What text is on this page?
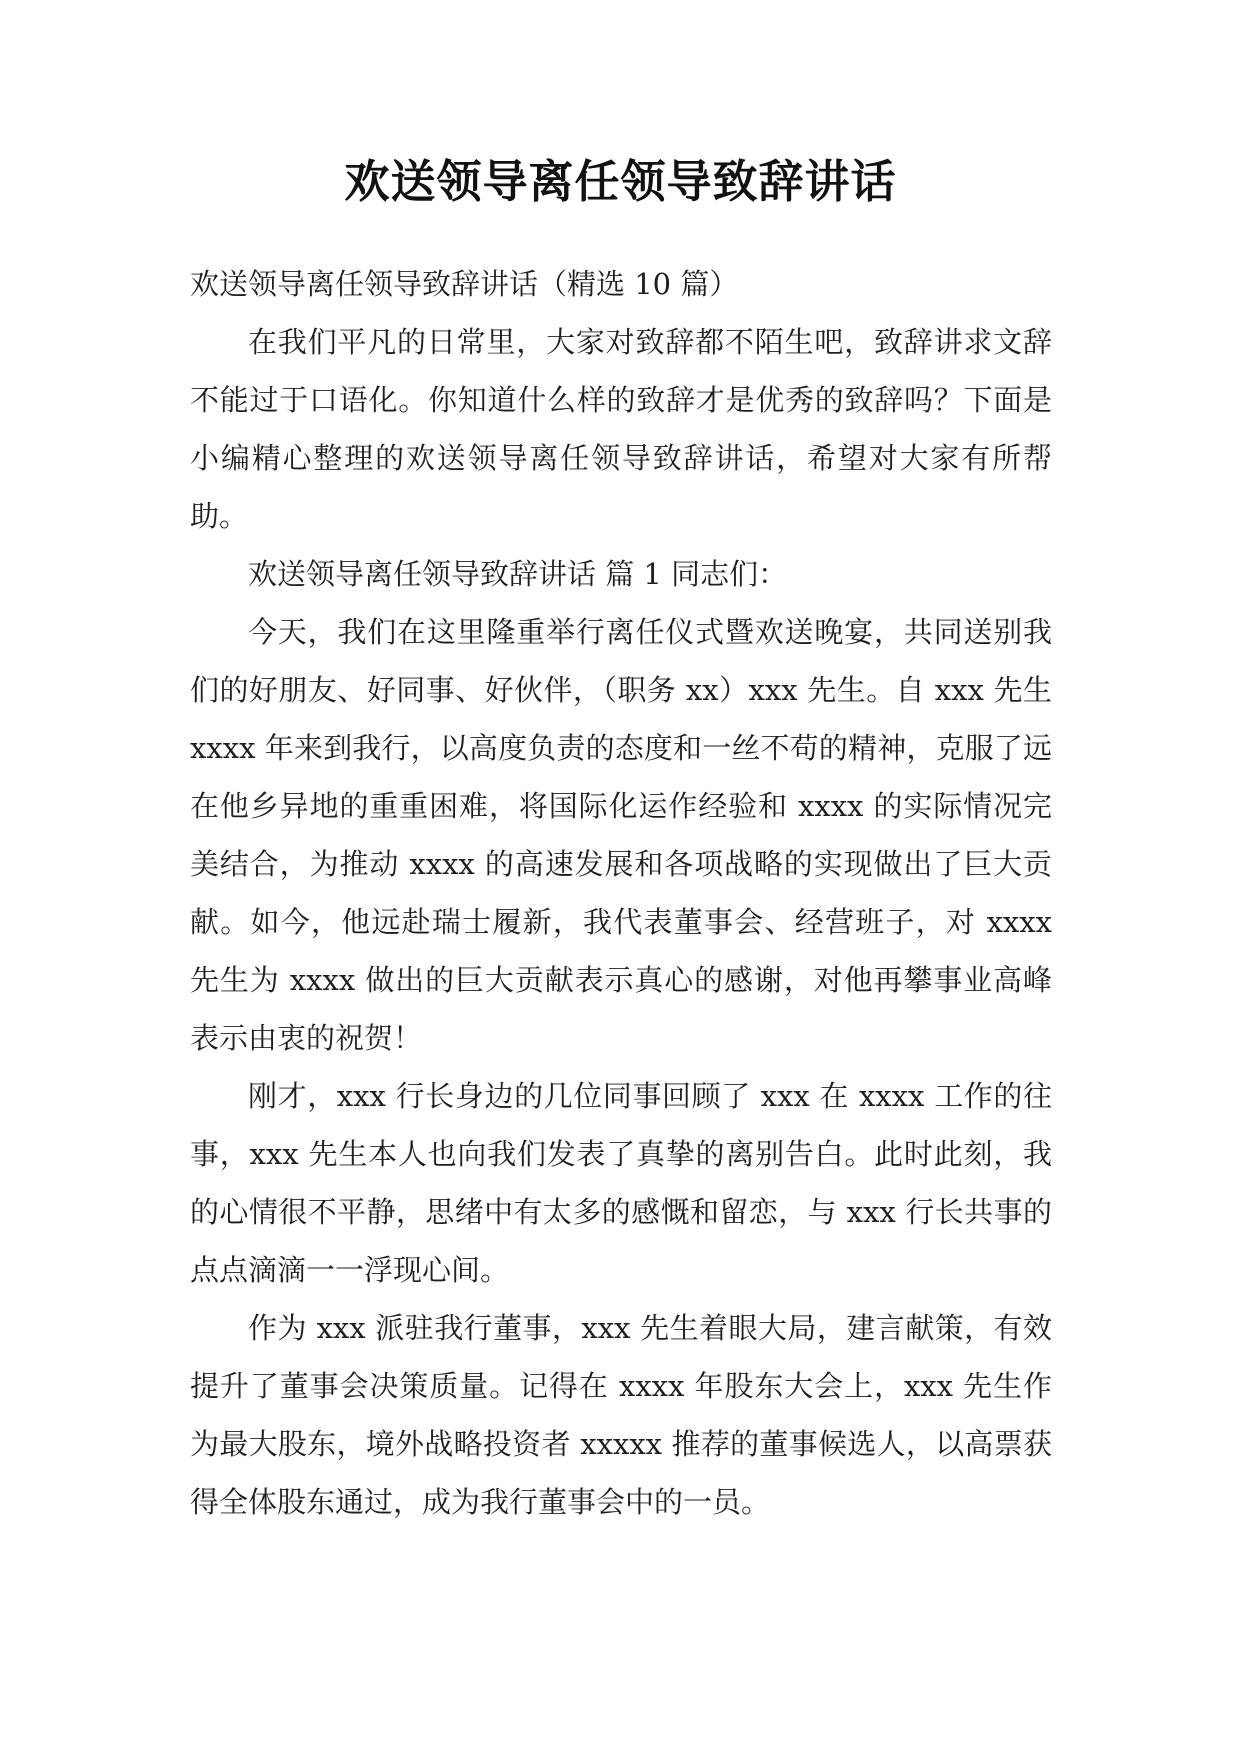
欢送领导离任领导致辞讲话

欢送领导离任领导致辞讲话（精选 10 篇）

在我们平凡的日常里，大家对致辞都不陌生吧，致辞讲求文辞不能过于口语化。你知道什么样的致辞才是优秀的致辞吗？下面是小编精心整理的欢送领导离任领导致辞讲话，希望对大家有所帮助。

欢送领导离任领导致辞讲话 篇 1 同志们：

今天，我们在这里隆重举行离任仪式暨欢送晚宴，共同送别我们的好朋友、好同事、好伙伴，（职务 xx）xxx 先生。自 xxx 先生 xxxx 年来到我行，以高度负责的态度和一丝不苟的精神，克服了远在他乡异地的重重困难，将国际化运作经验和 xxxx 的实际情况完美结合，为推动 xxxx 的高速发展和各项战略的实现做出了巨大贡献。如今，他远赴瑞士履新，我代表董事会、经营班子，对 xxxx 先生为 xxxx 做出的巨大贡献表示真心的感谢，对他再攀事业高峰表示由衷的祝贺！

刚才，xxx 行长身边的几位同事回顾了 xxx 在 xxxx 工作的往事，xxx 先生本人也向我们发表了真挚的离别告白。此时此刻，我的心情很不平静，思绪中有太多的感慨和留恋，与 xxx 行长共事的点点滴滴一一浮现心间。

作为 xxx 派驻我行董事，xxx 先生着眼大局，建言献策，有效提升了董事会决策质量。记得在 xxxx 年股东大会上，xxx 先生作为最大股东，境外战略投资者 xxxxx 推荐的董事候选人，以高票获得全体股东通过，成为我行董事会中的一员。
